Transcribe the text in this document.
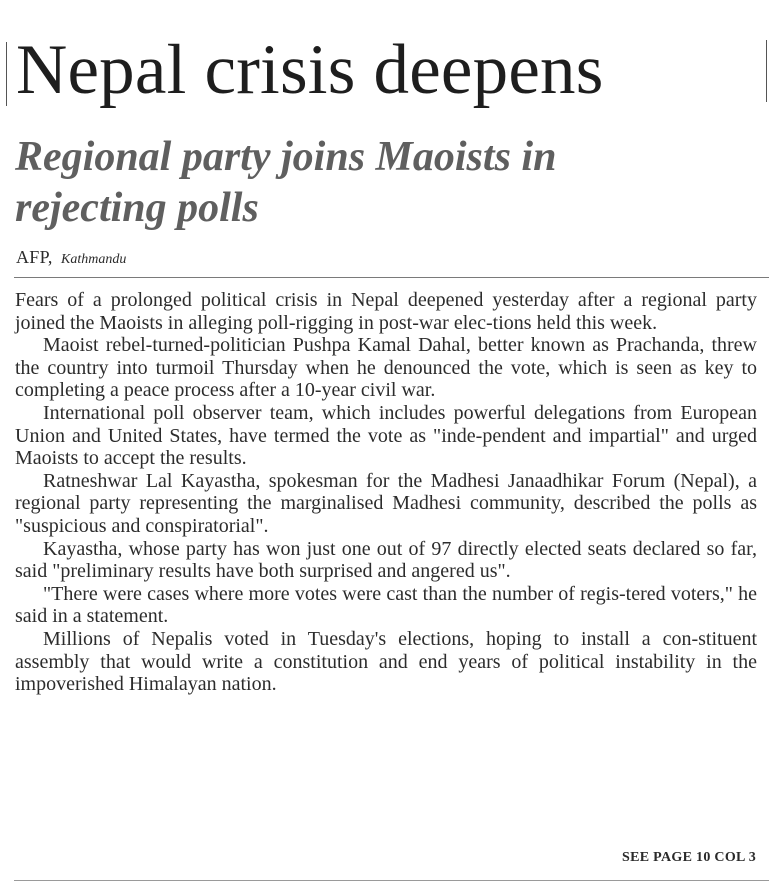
Nepal crisis deepens
Regional party joins Maoists in rejecting polls
AFP, Kathmandu

Fears of a prolonged political crisis in Nepal deepened yesterday after a regional party joined the Maoists in alleging poll-rigging in post-war elec-tions held this week.

Maoist rebel-turned-politician Pushpa Kamal Dahal, better known as Prachanda, threw the country into turmoil Thursday when he denounced the vote, which is seen as key to completing a peace process after a 10-year civil war.

International poll observer team, which includes powerful delegations from European Union and United States, have termed the vote as "inde-pendent and impartial" and urged Maoists to accept the results.

Ratneshwar Lal Kayastha, spokesman for the Madhesi Janaadhikar Forum (Nepal), a regional party representing the marginalised Madhesi community, described the polls as "suspicious and conspiratorial".

Kayastha, whose party has won just one out of 97 directly elected seats declared so far, said "preliminary results have both surprised and angered us".

"There were cases where more votes were cast than the number of regis-tered voters," he said in a statement.

Millions of Nepalis voted in Tuesday's elections, hoping to install a con-stituent assembly that would write a constitution and end years of political instability in the impoverished Himalayan nation.

SEE PAGE 10 COL 3
